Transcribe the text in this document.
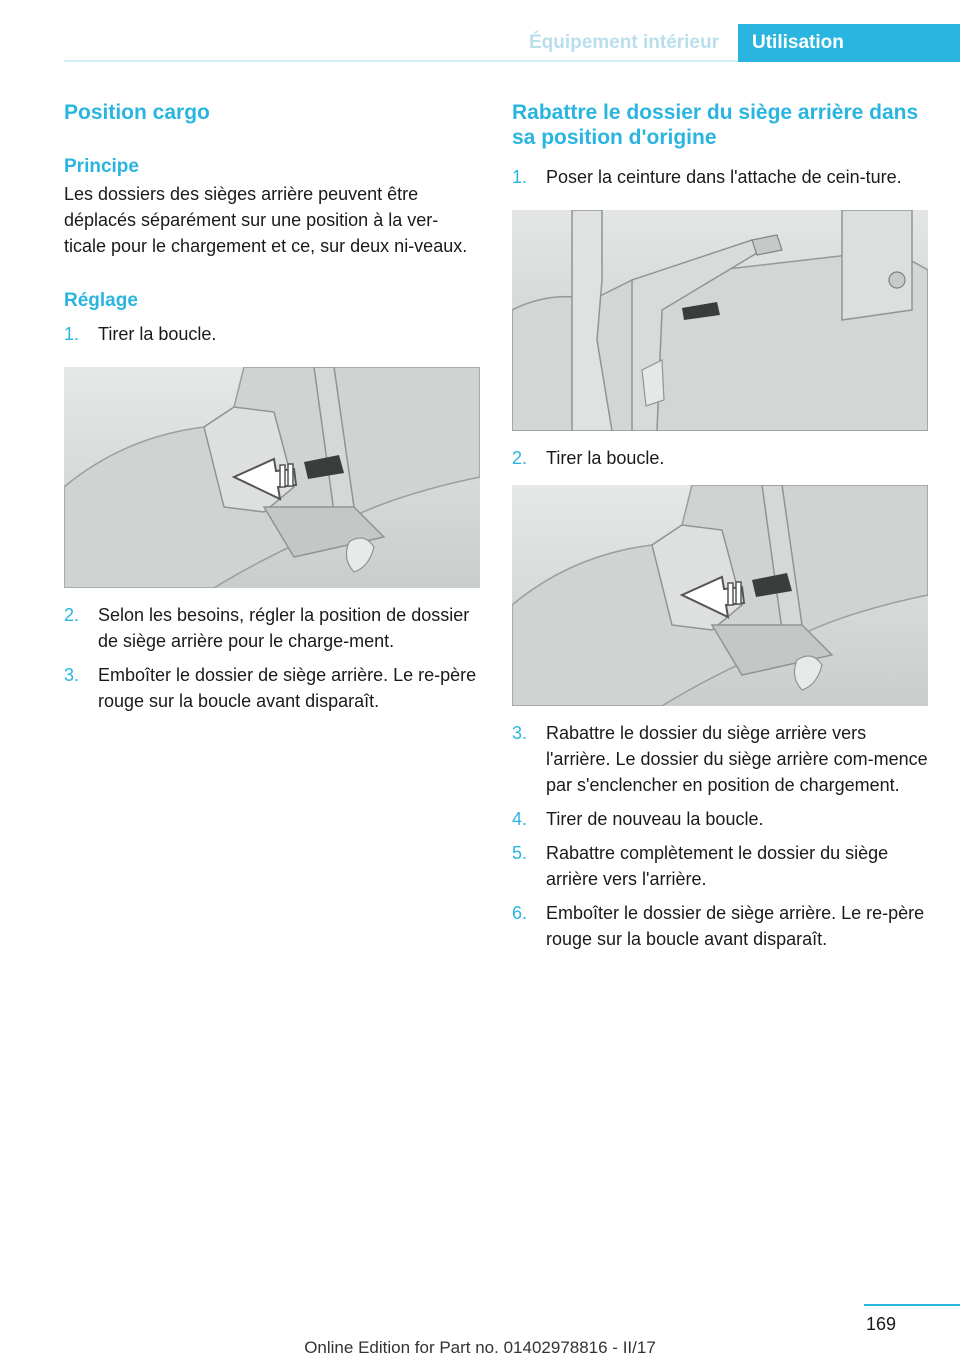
Équipement intérieur	Utilisation
Position cargo
Principe

Les dossiers des sièges arrière peuvent être déplacés séparément sur une position à la ver-ticale pour le chargement et ce, sur deux ni-veaux.

Réglage
1. Tirer la boucle.
2. Selon les besoins, régler la position de dossier de siège arrière pour le charge-ment.
3. Emboîter le dossier de siège arrière. Le re-père rouge sur la boucle avant disparaît.
Rabattre le dossier du siège arrière dans sa position d'origine
1. Poser la ceinture dans l'attache de cein-ture.
2. Tirer la boucle.
3. Rabattre le dossier du siège arrière vers l'arrière. Le dossier du siège arrière com-mence par s'enclencher en position de chargement.
4. Tirer de nouveau la boucle.
5. Rabattre complètement le dossier du siège arrière vers l'arrière.
6. Emboîter le dossier de siège arrière. Le re-père rouge sur la boucle avant disparaît.
169
Online Edition for Part no. 01402978816 - II/17
